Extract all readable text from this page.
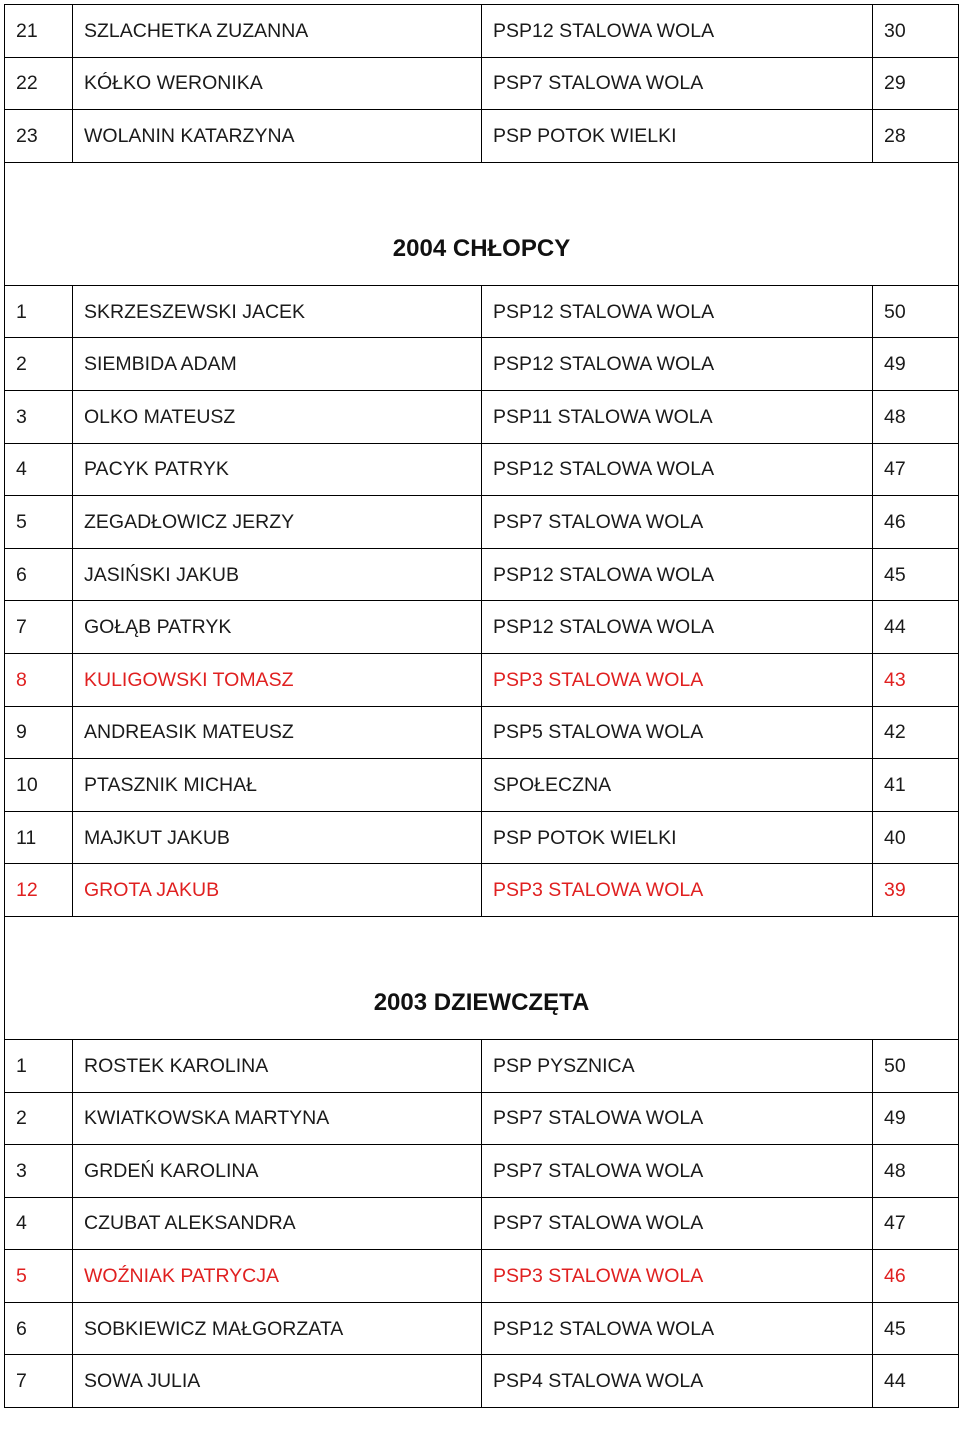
21	SZLACHETKA ZUZANNA	PSP12 STALOWA WOLA	30
22	KÓŁKO WERONIKA	PSP7 STALOWA WOLA	29
23	WOLANIN KATARZYNA	PSP POTOK WIELKI	28
2004 CHŁOPCY			
1	SKRZESZEWSKI JACEK	PSP12 STALOWA WOLA	50
2	SIEMBIDA ADAM	PSP12 STALOWA WOLA	49
3	OLKO MATEUSZ	PSP11 STALOWA WOLA	48
4	PACYK PATRYK	PSP12 STALOWA WOLA	47
5	ZEGADŁOWICZ JERZY	PSP7 STALOWA WOLA	46
6	JASIŃSKI JAKUB	PSP12 STALOWA WOLA	45
7	GOŁĄB PATRYK	PSP12 STALOWA WOLA	44
8	KULIGOWSKI TOMASZ	PSP3 STALOWA WOLA	43
9	ANDREASIK MATEUSZ	PSP5 STALOWA WOLA	42
10	PTASZNIK MICHAŁ	SPOŁECZNA	41
11	MAJKUT JAKUB	PSP POTOK WIELKI	40
12	GROTA JAKUB	PSP3 STALOWA WOLA	39
2003 DZIEWCZĘTA			
1	ROSTEK KAROLINA	PSP PYSZNICA	50
2	KWIATKOWSKA MARTYNA	PSP7 STALOWA WOLA	49
3	GRDEŃ KAROLINA	PSP7 STALOWA WOLA	48
4	CZUBAT ALEKSANDRA	PSP7 STALOWA WOLA	47
5	WOŹNIAK PATRYCJA	PSP3 STALOWA WOLA	46
6	SOBKIEWICZ MAŁGORZATA	PSP12 STALOWA WOLA	45
7	SOWA JULIA	PSP4 STALOWA WOLA	44
